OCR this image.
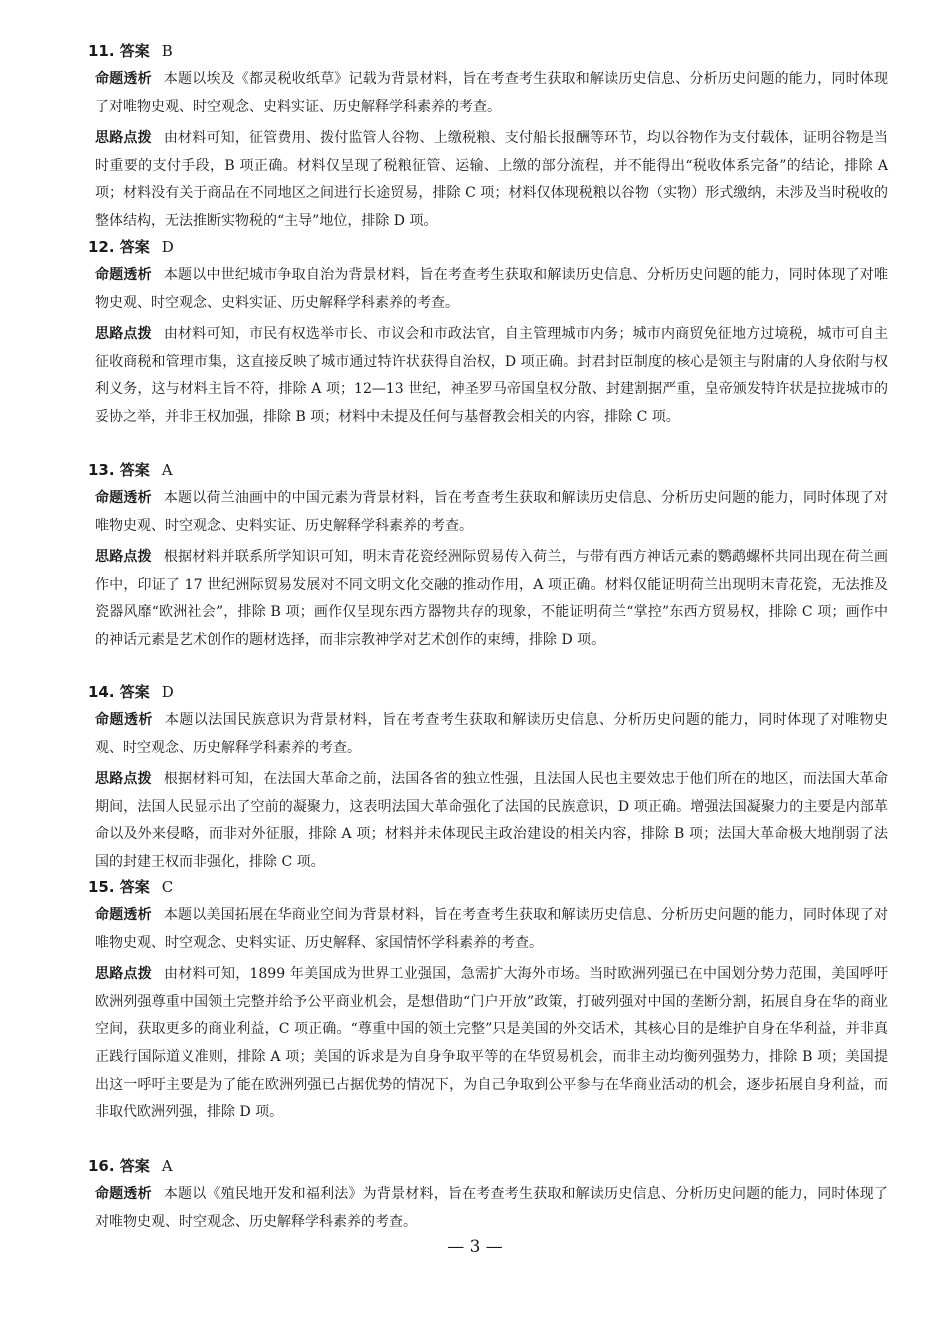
11. 答案 B
命题透析 本题以埃及《都灵税收纸草》记载为背景材料，旨在考查考生获取和解读历史信息、分析历史问题的能力，同时体现了对唯物史观、时空观念、史料实证、历史解释学科素养的考查。
思路点拨 由材料可知，征管费用、拨付监管人谷物、上缴税粮、支付船长报酬等环节，均以谷物作为支付载体，证明谷物是当时重要的支付手段，B 项正确。材料仅呈现了税粮征管、运输、上缴的部分流程，并不能得出“税收体系完备”的结论，排除 A 项；材料没有关于商品在不同地区之间进行长途贸易，排除 C 项；材料仅体现税粮以谷物（实物）形式缴纳，未涉及当时税收的整体结构，无法推断实物税的“主导”地位，排除 D 项。
12. 答案 D
命题透析 本题以中世纪城市争取自治为背景材料，旨在考查考生获取和解读历史信息、分析历史问题的能力，同时体现了对唯物史观、时空观念、史料实证、历史解释学科素养的考查。
思路点拨 由材料可知，市民有权选举市长、市议会和市政法官，自主管理城市内务；城市内商贸免征地方过境税，城市可自主征收商税和管理市集，这直接反映了城市通过特许状获得自治权，D 项正确。封君封臣制度的核心是领主与附庸的人身依附与权利义务，这与材料主旨不符，排除 A 项；12—13 世纪，神圣罗马帝国皇权分散、封建割据严重，皇帝颁发特许状是拉拢城市的妥协之举，并非王权加强，排除 B 项；材料中未提及任何与基督教会相关的内容，排除 C 项。
13. 答案 A
命题透析 本题以荷兰油画中的中国元素为背景材料，旨在考查考生获取和解读历史信息、分析历史问题的能力，同时体现了对唯物史观、时空观念、史料实证、历史解释学科素养的考查。
思路点拨 根据材料并联系所学知识可知，明末青花瓷经洲际贸易传入荷兰，与带有西方神话元素的鹦鹉螺杯共同出现在荷兰画作中，印证了 17 世纪洲际贸易发展对不同文明文化交融的推动作用，A 项正确。材料仅能证明荷兰出现明末青花瓷，无法推及瓷器风靡“欧洲社会”，排除 B 项；画作仅呈现东西方器物共存的现象，不能证明荷兰“掌控”东西方贸易权，排除 C 项；画作中的神话元素是艺术创作的题材选择，而非宗教神学对艺术创作的束缚，排除 D 项。
14. 答案 D
命题透析 本题以法国民族意识为背景材料，旨在考查考生获取和解读历史信息、分析历史问题的能力，同时体现了对唯物史观、时空观念、历史解释学科素养的考查。
思路点拨 根据材料可知，在法国大革命之前，法国各省的独立性强，且法国人民也主要效忠于他们所在的地区，而法国大革命期间，法国人民显示出了空前的凝聚力，这表明法国大革命强化了法国的民族意识，D 项正确。增强法国凝聚力的主要是内部革命以及外来侵略，而非对外征服，排除 A 项；材料并未体现民主政治建设的相关内容，排除 B 项；法国大革命极大地削弱了法国的封建王权而非强化，排除 C 项。
15. 答案 C
命题透析 本题以美国拓展在华商业空间为背景材料，旨在考查考生获取和解读历史信息、分析历史问题的能力，同时体现了对唯物史观、时空观念、史料实证、历史解释、家国情怀学科素养的考查。
思路点拨 由材料可知，1899 年美国成为世界工业强国，急需扩大海外市场。当时欧洲列强已在中国划分势力范围，美国呼吁欧洲列强尊重中国领土完整并给予公平商业机会，是想借助“门户开放”政策，打破列强对中国的垄断分割，拓展自身在华的商业空间，获取更多的商业利益，C 项正确。“尊重中国的领土完整”只是美国的外交话术，其核心目的是维护自身在华利益，并非真正践行国际道义准则，排除 A 项；美国的诉求是为自身争取平等的在华贸易机会，而非主动均衡列强势力，排除 B 项；美国提出这一呼吁主要是为了能在欧洲列强已占据优势的情况下，为自己争取到公平参与在华商业活动的机会，逐步拓展自身利益，而非取代欧洲列强，排除 D 项。
16. 答案 A
命题透析 本题以《殖民地开发和福利法》为背景材料，旨在考查考生获取和解读历史信息、分析历史问题的能力，同时体现了对唯物史观、时空观念、历史解释学科素养的考查。
— 3 —
